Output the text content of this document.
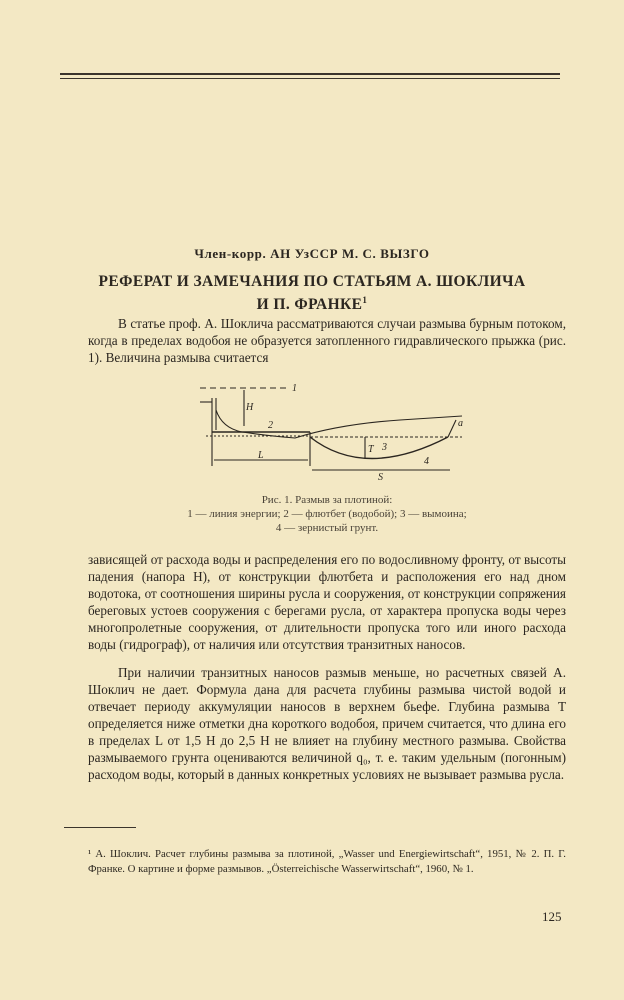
Член-корр. АН УзССР М. С. ВЫЗГО
РЕФЕРАТ И ЗАМЕЧАНИЯ ПО СТАТЬЯМ А. ШОКЛИЧА
И П. ФРАНКЕ$^1$
В статье проф. А. Шоклича рассматриваются случаи размыва бурным потоком, когда в пределах водобоя не образуется затопленного гидравлического прыжка (рис. 1). Величина размыва считается
1
H
2
T 3
L
S
4
a
Рис. 1. Размыв за плотиной:
1 — линия энергии; 2 — флютбет (водобой); 3 — вымоина;
4 — зернистый грунт.
зависящей от расхода воды и распределения его по водосливному фронту, от высоты падения (напора H), от конструкции флютбета и расположения его над дном водотока, от соотношения ширины русла и сооружения, от конструкции сопряжения береговых устоев сооружения с берегами русла, от характера пропуска воды через многопролетные сооружения, от длительности пропуска того или иного расхода воды (гидрограф), от наличия или отсутствия транзитных наносов.
При наличии транзитных наносов размыв меньше, но расчетных связей А. Шоклич не дает. Формула дана для расчета глубины размыва чистой водой и отвечает периоду аккумуляции наносов в верхнем бьефе. Глубина размыва T определяется ниже отметки дна короткого водобоя, причем считается, что длина его в пределах L от 1,5 H до 2,5 H не влияет на глубину местного размыва. Свойства размываемого грунта оцениваются величиной q₀, т. е. таким удельным (погонным) расходом воды, который в данных конкретных условиях не вызывает размыва русла.
¹ А. Шоклич. Расчет глубины размыва за плотиной, „Wasser und Energiewirtschaft“, 1951, № 2. П. Г. Франке. О картине и форме размывов. „Österreichische Wasserwirtschaft“, 1960, № 1.
125
